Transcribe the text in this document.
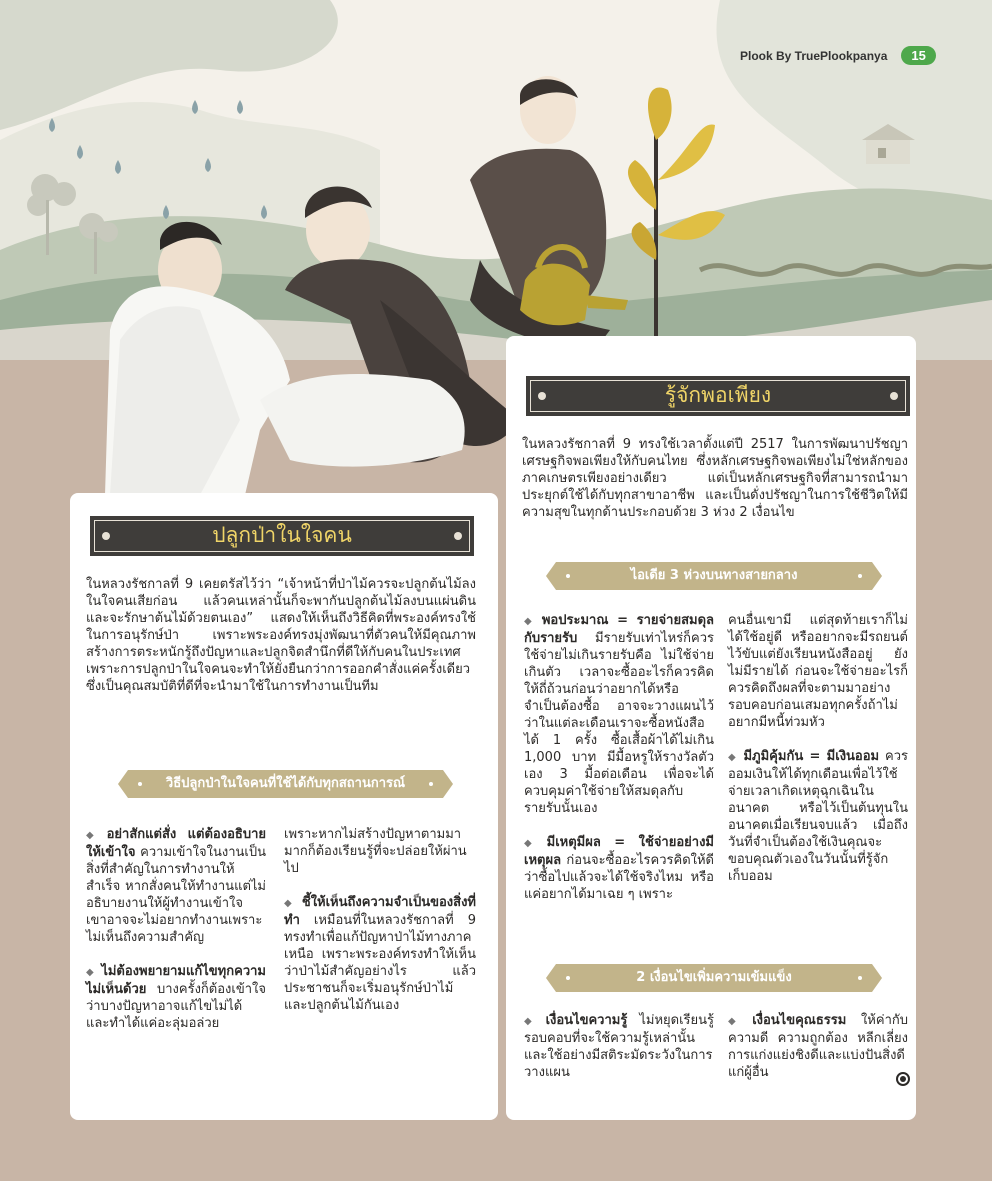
Plook By TruePlookpanya	15
ปลูกป่าในใจคน
ในหลวงรัชกาลที่ 9 เคยตรัสไว้ว่า “เจ้าหน้าที่ป่าไม้ควรจะปลูกต้นไม้ลงในใจคนเสียก่อน แล้วคนเหล่านั้นก็จะพากันปลูกต้นไม้ลงบนแผ่นดิน และจะรักษาต้นไม้ด้วยตนเอง” แสดงให้เห็นถึงวิธีคิดที่พระองค์ทรงใช้ในการอนุรักษ์ป่า เพราะพระองค์ทรงมุ่งพัฒนาที่ตัวคนให้มีคุณภาพ สร้างการตระหนักรู้ถึงปัญหาและปลูกจิตสำนึกที่ดีให้กับคนในประเทศ เพราะการปลูกป่าในใจคนจะทำให้ยั่งยืนกว่าการออกคำสั่งแค่ครั้งเดียว ซึ่งเป็นคุณสมบัติที่ดีที่จะนำมาใช้ในการทำงานเป็นทีม
วิธีปลูกป่าในใจคนที่ใช้ได้กับทุกสถานการณ์

◆ อย่าสักแต่สั่ง แต่ต้องอธิบายให้เข้าใจ ความเข้าใจในงานเป็นสิ่งที่สำคัญในการทำงานให้สำเร็จ หากสั่งคนให้ทำงานแต่ไม่อธิบายงานให้ผู้ทำงานเข้าใจ เขาอาจจะไม่อยากทำงานเพราะไม่เห็นถึงความสำคัญ

◆ ไม่ต้องพยายามแก้ไขทุกความไม่เห็นด้วย บางครั้งก็ต้องเข้าใจว่าบางปัญหาอาจแก้ไขไม่ได้ และทำได้แค่อะลุ่มอล่วย

เพราะหากไม่สร้างปัญหาตามมามากก็ต้องเรียนรู้ที่จะปล่อยให้ผ่านไป

◆ ชี้ให้เห็นถึงความจำเป็นของสิ่งที่ทำ เหมือนที่ในหลวงรัชกาลที่ 9 ทรงทำเพื่อแก้ปัญหาป่าไม้ทางภาคเหนือ เพราะพระองค์ทรงทำให้เห็นว่าป่าไม้สำคัญอย่างไร แล้วประชาชนก็จะเริ่มอนุรักษ์ป่าไม้และปลูกต้นไม้กันเอง

รู้จักพอเพียง
ในหลวงรัชกาลที่ 9 ทรงใช้เวลาตั้งแต่ปี 2517 ในการพัฒนาปรัชญาเศรษฐกิจพอเพียงให้กับคนไทย ซึ่งหลักเศรษฐกิจพอเพียงไม่ใช่หลักของภาคเกษตรเพียงอย่างเดียว แต่เป็นหลักเศรษฐกิจที่สามารถนำมาประยุกต์ใช้ได้กับทุกสาขาอาชีพ และเป็นดั่งปรัชญาในการใช้ชีวิตให้มีความสุขในทุกด้านประกอบด้วย 3 ห่วง 2 เงื่อนไข
ไอเดีย 3 ห่วงบนทางสายกลาง

◆ พอประมาณ = รายจ่ายสมดุลกับรายรับ มีรายรับเท่าไหร่ก็ควรใช้จ่ายไม่เกินรายรับคือ ไม่ใช้จ่ายเกินตัว เวลาจะซื้ออะไรก็ควรคิดให้ถี่ถ้วนก่อนว่าอยากได้หรือจำเป็นต้องซื้อ อาจจะวางแผนไว้ว่าในแต่ละเดือนเราจะซื้อหนังสือได้ 1 ครั้ง ซื้อเสื้อผ้าได้ไม่เกิน 1,000 บาท มีมื้อหรูให้รางวัลตัวเอง 3 มื้อต่อเดือน เพื่อจะได้ควบคุมค่าใช้จ่ายให้สมดุลกับรายรับนั้นเอง

◆ มีเหตุมีผล = ใช้จ่ายอย่างมีเหตุผล ก่อนจะซื้ออะไรควรคิดให้ดีว่าซื้อไปแล้วจะได้ใช้จริงไหม หรือแค่อยากได้มาเฉย ๆ เพราะ

คนอื่นเขามี แต่สุดท้ายเราก็ไม่ได้ใช้อยู่ดี หรืออยากจะมีรถยนต์ไว้ขับแต่ยังเรียนหนังสืออยู่ ยังไม่มีรายได้ ก่อนจะใช้จ่ายอะไรก็ควรคิดถึงผลที่จะตามมาอย่างรอบคอบก่อนเสมอทุกครั้งถ้าไม่อยากมีหนี้ท่วมหัว

◆ มีภูมิคุ้มกัน = มีเงินออม ควรออมเงินให้ได้ทุกเดือนเพื่อไว้ใช้จ่ายเวลาเกิดเหตุฉุกเฉินในอนาคต หรือไว้เป็นต้นทุนในอนาคตเมื่อเรียนจบแล้ว เมื่อถึงวันที่จำเป็นต้องใช้เงินคุณจะขอบคุณตัวเองในวันนั้นที่รู้จักเก็บออม

2 เงื่อนไขเพิ่มความเข้มแข็ง
◆ เงื่อนไขความรู้ ไม่หยุดเรียนรู้ รอบคอบที่จะใช้ความรู้เหล่านั้นและใช้อย่างมีสติระมัดระวังในการวางแผน
◆ เงื่อนไขคุณธรรม ให้ค่ากับความดี ความถูกต้อง หลีกเลี่ยงการแก่งแย่งชิงดีและแบ่งปันสิ่งดีแก่ผู้อื่น
